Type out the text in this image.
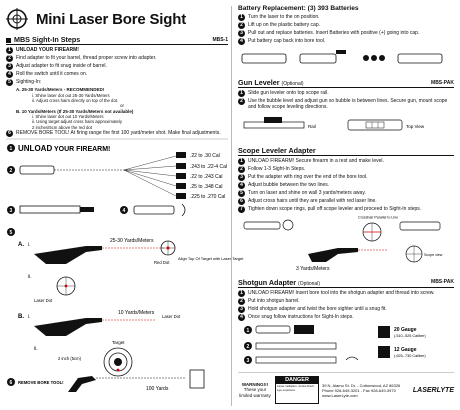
Mini Laser Bore Sight
MBS Sight-In Steps	MBS-1
1	UNLOAD YOUR FIREARM!
2	Find adapter to fit your barrel, thread proper screw into adapter.
3	Adjust adapter to fit snug inside of barrel.
4	Roll the switch until it comes on.
5	Sighting-In:
A. 25-30 Yards/Meters - RECOMMENDED!
i. Shine laser dot out 25-30 Yards/Meters
ii. Adjust cross hairs directly on top of the dot.
or
B. 10 Yards/Meters (If 25-30 Yards/Meters not available)
i. Shine laser dot out 10 Yards/Meters
ii. Using target adjust cross hairs approximately
2 inches/5cm above the red dot
6	REMOVE BORE TOOL! At firing range fire first 100 yard/meter shot. Make final adjustments.
1 UNLOAD YOUR FIREARM!
2
.22 to .30 Cal
.243 to .22-4 Cal
.22 to .243 Cal
.25 to .348 Cal
.225 to .270 Cal
3	4
5
A. i.
25-30 Yards/Meters
Red Dot
Align Top Of Target with Laser Target
ii.
Laser Dot
B. i.
10 Yards/Meters
Laser Dot
ii.
Target
2 inch (5cm)
6 REMOVE BORE TOOL!
100 Yards
Battery Replacement: (3) 393 Batteries
1	Turn the laser to the on position.
2	Lift up on the plastic battery cap.
3	Pull out and replace batteries. Insert Batteries with positive (+) going into cap.
4	Put battery cap back into bore tool.
Gun Leveler (Optional)	MBS-PAK
1	Slide gun leveler onto top scope rail.
2	Use the bubble level and adjust gun so bubble is between lines. Secure gun, mount scope and follow scope leveling directions.
Rail	Top View
Scope Leveler Adapter
1	UNLOAD FIREARM! Secure firearm in a rest and make level.
2	Follow 1-3 Sight-In Steps.
3	Put the adapter with ring over the end of the bore tool.
4	Adjust bubble between the two lines.
5	Turn on laser and shine on wall 3 yards/meters away.
6	Adjust cross hairs until they are parallel with red laser line.
7	Tighten down scope rings, pull off scope leveler and proceed to Sight-In steps.
3 Yards/Meters
Crosshair Parallel to Line
Scope view
Shotgun Adapter (Optional)	MBS-PAK
1	UNLOAD FIREARM! Insert bore tool into the shotgun adapter and thread into screw.
2	Put into shotgun barrel.
3	Hold shotgun adapter and twist the bore sighter until a snug fit.
4	Once snug follow instructions for Sight-In steps.
1
2
3
20 Gauge
(.510-.525 Caliber)
12 Gauge
(.625-.730 Caliber)
WARNING!!!
These your
limited warranty
DANGER
Laser radiation. Avoid direct eye exposure.
39 N. Alamo St. Dr. - Cottonwood, AZ 86326
Phone 928-649-3201 - Fax 928-649-3970
www.LaserLyte.com
LASERLYTE
